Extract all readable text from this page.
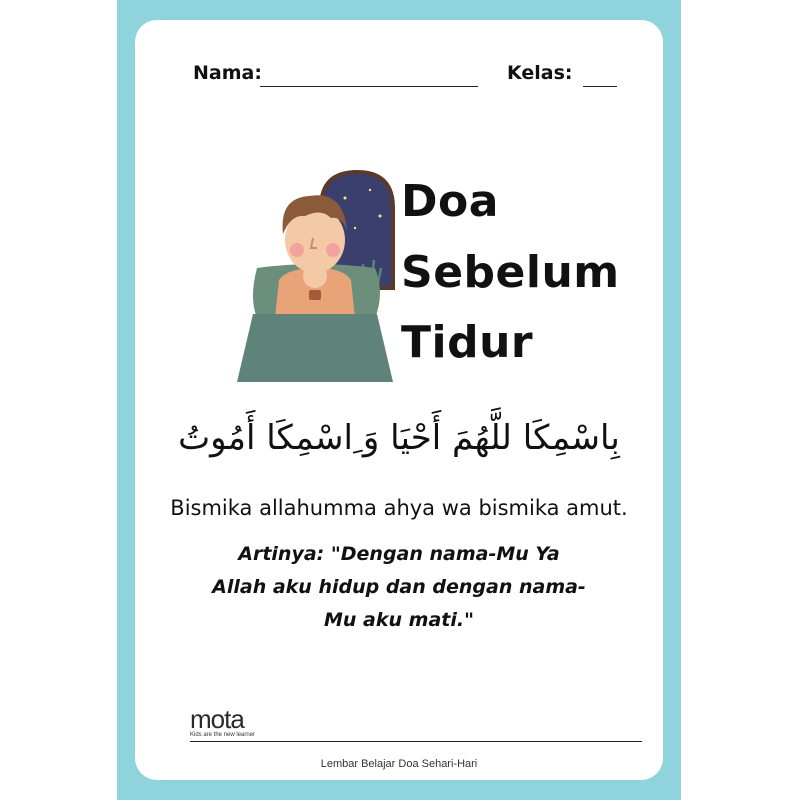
Nama:	Kelas:
Doa
Sebelum
Tidur
بِاسْمِكَا للَّهُمَ أَحْيَا وَ ِاسْمِكَا أَمُوتُ
Bismika allahumma ahya wa bismika amut.
Artinya: "Dengan nama-Mu Ya
Allah aku hidup dan dengan nama-
Mu aku mati."
mota
Kids are the new learner
Lembar Belajar Doa Sehari-Hari
